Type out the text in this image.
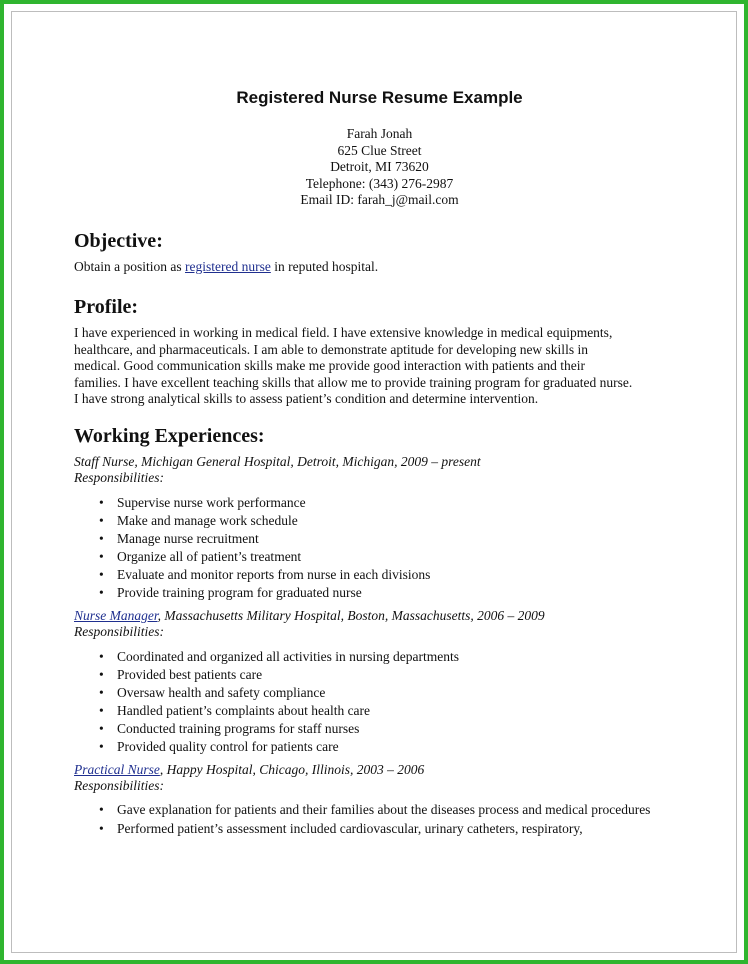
Registered Nurse Resume Example
Farah Jonah
625 Clue Street
Detroit, MI 73620
Telephone: (343) 276-2987
Email ID: farah_j@mail.com
Objective:

Obtain a position as registered nurse in reputed hospital.

Profile:

I have experienced in working in medical field. I have extensive knowledge in medical equipments,
healthcare, and pharmaceuticals. I am able to demonstrate aptitude for developing new skills in
medical. Good communication skills make me provide good interaction with patients and their
families. I have excellent teaching skills that allow me to provide training program for graduated nurse.
I have strong analytical skills to assess patient’s condition and determine intervention.

Working Experiences:
Staff Nurse, Michigan General Hospital, Detroit, Michigan, 2009 – present
Responsibilities:
• Supervise nurse work performance
• Make and manage work schedule
• Manage nurse recruitment
• Organize all of patient’s treatment
• Evaluate and monitor reports from nurse in each divisions
• Provide training program for graduated nurse
Nurse Manager, Massachusetts Military Hospital, Boston, Massachusetts, 2006 – 2009
Responsibilities:
• Coordinated and organized all activities in nursing departments
• Provided best patients care
• Oversaw health and safety compliance
• Handled patient’s complaints about health care
• Conducted training programs for staff nurses
• Provided quality control for patients care
Practical Nurse, Happy Hospital, Chicago, Illinois, 2003 – 2006
Responsibilities:
• Gave explanation for patients and their families about the diseases process and medical procedures
• Performed patient’s assessment included cardiovascular, urinary catheters, respiratory,
